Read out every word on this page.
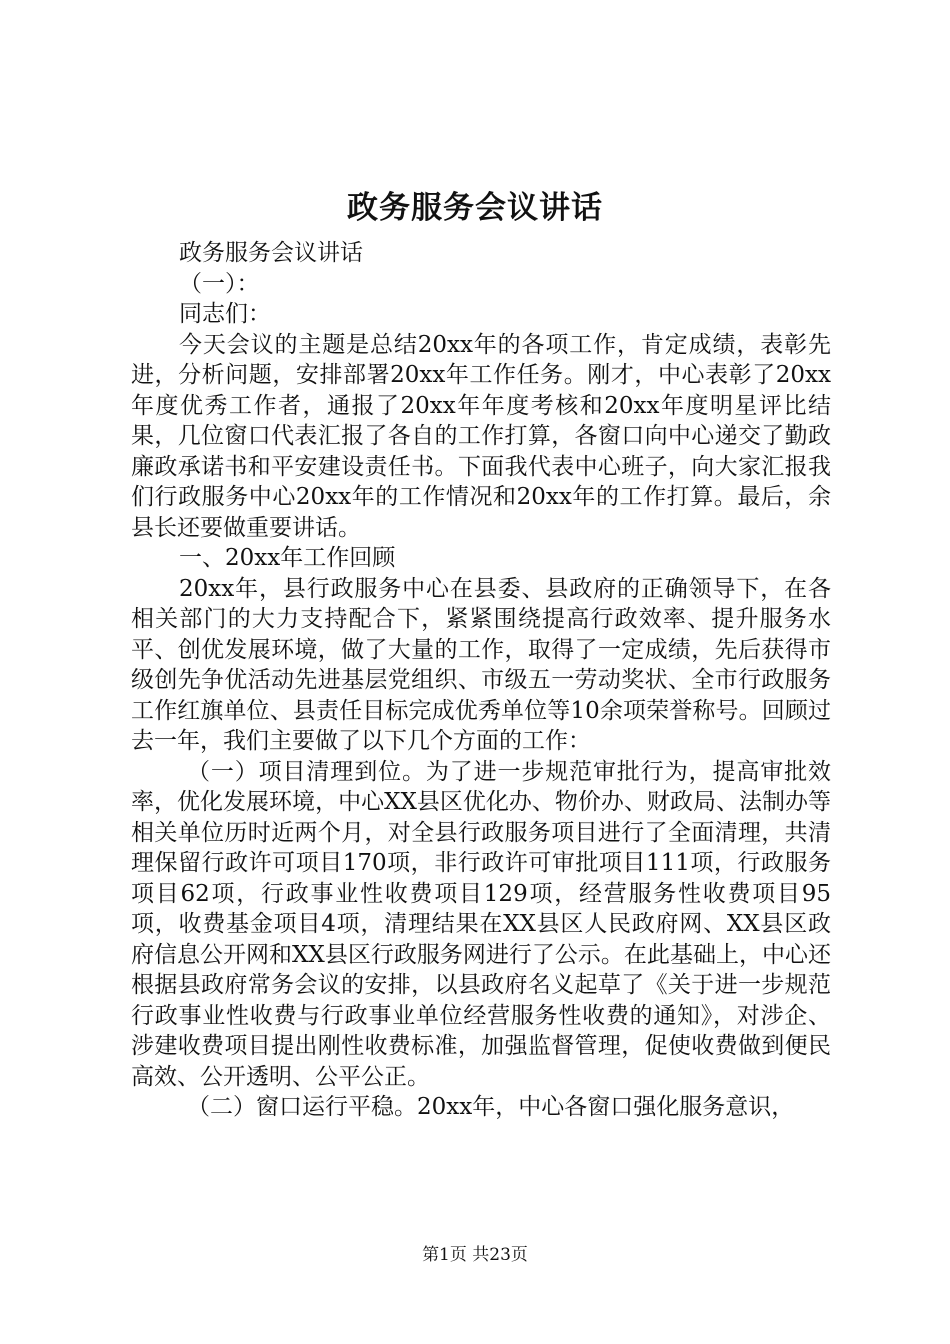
政务服务会议讲话

政务服务会议讲话

（一）：

同志们：

今天会议的主题是总结20xx年的各项工作，肯定成绩，表彰先进，分析问题，安排部署20xx年工作任务。刚才，中心表彰了20xx年度优秀工作者，通报了20xx年年度考核和20xx年度明星评比结果，几位窗口代表汇报了各自的工作打算，各窗口向中心递交了勤政廉政承诺书和平安建设责任书。下面我代表中心班子，向大家汇报我们行政服务中心20xx年的工作情况和20xx年的工作打算。最后，余县长还要做重要讲话。

一、20xx年工作回顾

20xx年，县行政服务中心在县委、县政府的正确领导下，在各相关部门的大力支持配合下，紧紧围绕提高行政效率、提升服务水平、创优发展环境，做了大量的工作，取得了一定成绩，先后获得市级创先争优活动先进基层党组织、市级五一劳动奖状、全市行政服务工作红旗单位、县责任目标完成优秀单位等10余项荣誉称号。回顾过去一年，我们主要做了以下几个方面的工作：

（一）项目清理到位。为了进一步规范审批行为，提高审批效率，优化发展环境，中心XX县区优化办、物价办、财政局、法制办等相关单位历时近两个月，对全县行政服务项目进行了全面清理，共清理保留行政许可项目170项，非行政许可审批项目111项，行政服务项目62项，行政事业性收费项目129项，经营服务性收费项目95项，收费基金项目4项，清理结果在XX县区人民政府网、XX县区政府信息公开网和XX县区行政服务网进行了公示。在此基础上，中心还根据县政府常务会议的安排，以县政府名义起草了《关于进一步规范行政事业性收费与行政事业单位经营服务性收费的通知》，对涉企、涉建收费项目提出刚性收费标准，加强监督管理，促使收费做到便民高效、公开透明、公平公正。

（二）窗口运行平稳。20xx年，中心各窗口强化服务意识，

第1页 共23页
